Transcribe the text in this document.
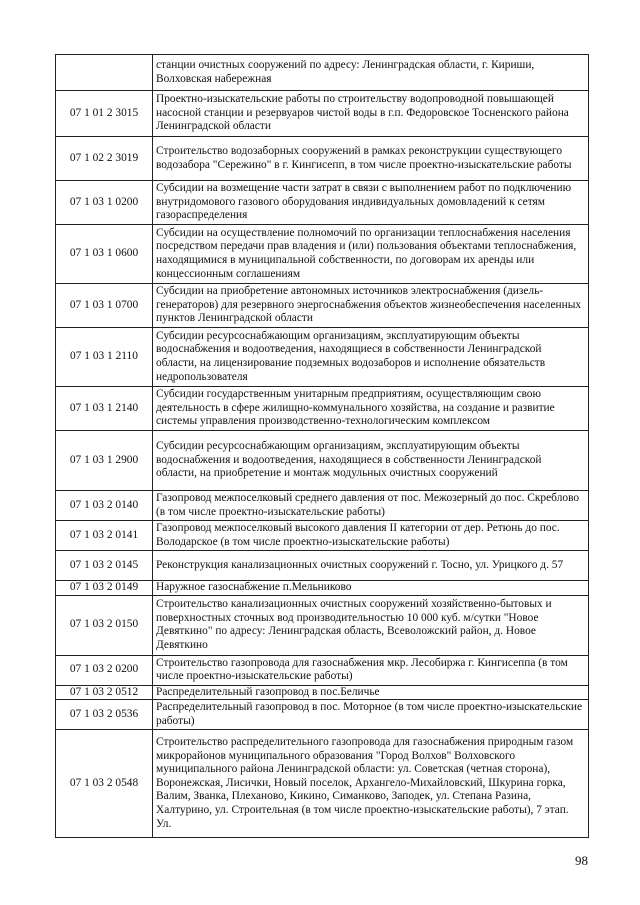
	станции очистных сооружений по адресу: Ленинградская области, г. Кириши, Волховская набережная
07 1 01 2 3015	Проектно-изыскательские работы по строительству водопроводной повышающей насосной станции и резервуаров чистой воды в г.п. Федоровское Тосненского района Ленинградской области
07 1 02 2 3019	Строительство водозаборных сооружений в рамках реконструкции существующего водозабора "Сережино" в г. Кингисепп, в том числе проектно-изыскательские работы
07 1 03 1 0200	Субсидии на возмещение части затрат в связи с выполнением работ по подключению внутридомового газового оборудования индивидуальных домовладений к сетям газораспределения
07 1 03 1 0600	Субсидии на осуществление полномочий по организации теплоснабжения населения посредством передачи прав владения и (или) пользования объектами теплоснабжения, находящимися в муниципальной собственности, по договорам их аренды или концессионным соглашениям
07 1 03 1 0700	Субсидии на приобретение автономных источников электроснабжения (дизель-генераторов) для резервного энергоснабжения объектов жизнеобеспечения населенных пунктов Ленинградской области
07 1 03 1 2110	Субсидии ресурсоснабжающим организациям, эксплуатирующим объекты водоснабжения и водоотведения, находящиеся в собственности Ленинградской области, на лицензирование подземных водозаборов и исполнение обязательств недропользователя
07 1 03 1 2140	Субсидии государственным унитарным предприятиям, осуществляющим свою деятельность в сфере жилищно-коммунального хозяйства, на создание и развитие системы управления производственно-технологическим комплексом
07 1 03 1 2900	Субсидии ресурсоснабжающим организациям, эксплуатирующим объекты водоснабжения и водоотведения, находящиеся в собственности Ленинградской области, на приобретение и монтаж модульных очистных сооружений
07 1 03 2 0140	Газопровод межпоселковый среднего давления от пос. Межозерный до пос. Скреблово (в том числе проектно-изыскательские работы)
07 1 03 2 0141	Газопровод межпоселковый высокого давления II категории от дер. Ретюнь до пос. Володарское (в том числе проектно-изыскательские работы)
07 1 03 2 0145	Реконструкция канализационных очистных сооружений г. Тосно, ул. Урицкого д. 57
07 1 03 2 0149	Наружное газоснабжение п.Мельниково
07 1 03 2 0150	Строительство канализационных очистных сооружений хозяйственно-бытовых и поверхностных сточных вод производительностью 10 000 куб. м/сутки "Новое Девяткино" по адресу: Ленинградская область, Всеволожский район, д. Новое Девяткино
07 1 03 2 0200	Строительство газопровода для газоснабжения мкр. Лесобиржа г. Кингисеппа (в том числе проектно-изыскательские работы)
07 1 03 2 0512	Распределительный газопровод в пос.Беличье
07 1 03 2 0536	Распределительный газопровод в пос. Моторное (в том числе проектно-изыскательские работы)
07 1 03 2 0548	Строительство распределительного газопровода для газоснабжения природным газом микрорайонов муниципального образования "Город Волхов" Волховского муниципального района Ленинградской области: ул. Советская (четная сторона), Воронежская, Лисички, Новый поселок, Архангело-Михайловский, Шкурина горка, Валим, Званка, Плеханово, Кикино, Симанково, Заподек, ул. Степана Разина, Халтурино, ул. Строительная (в том числе проектно-изыскательские работы), 7 этап. Ул.
98
